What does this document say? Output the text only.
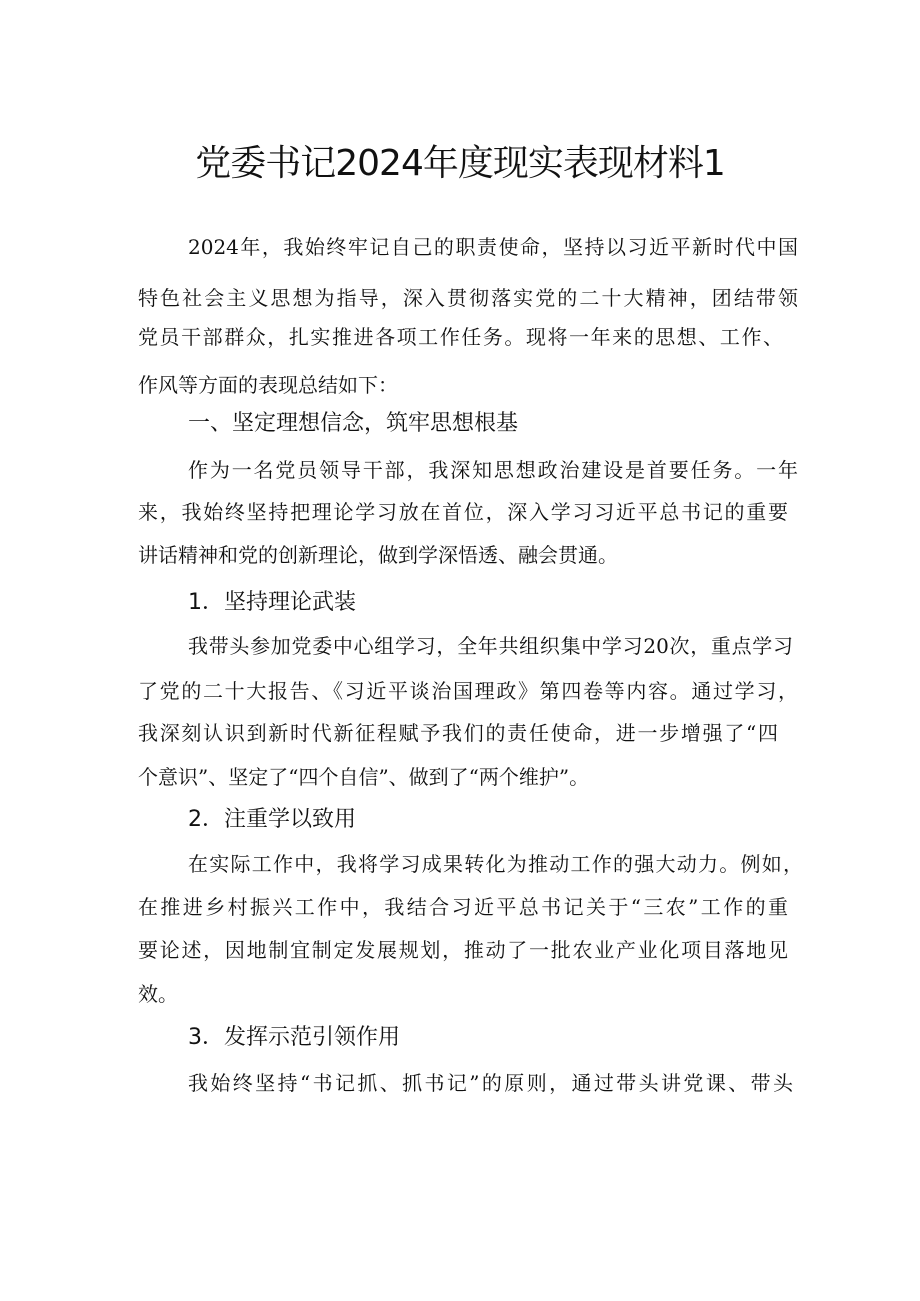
党委书记2024年度现实表现材料1
2024年，我始终牢记自己的职责使命，坚持以习近平新时代中国
特色社会主义思想为指导，深入贯彻落实党的二十大精神，团结带领
党员干部群众，扎实推进各项工作任务。现将一年来的思想、工作、
作风等方面的表现总结如下：
一、坚定理想信念，筑牢思想根基
作为一名党员领导干部，我深知思想政治建设是首要任务。一年
来，我始终坚持把理论学习放在首位，深入学习习近平总书记的重要
讲话精神和党的创新理论，做到学深悟透、融会贯通。
1．坚持理论武装
我带头参加党委中心组学习，全年共组织集中学习20次，重点学习
了党的二十大报告、《习近平谈治国理政》第四卷等内容。通过学习，
我深刻认识到新时代新征程赋予我们的责任使命，进一步增强了“四
个意识”、坚定了“四个自信”、做到了“两个维护”。
2．注重学以致用
在实际工作中，我将学习成果转化为推动工作的强大动力。例如，
在推进乡村振兴工作中，我结合习近平总书记关于“三农”工作的重
要论述，因地制宜制定发展规划，推动了一批农业产业化项目落地见
效。
3．发挥示范引领作用
我始终坚持“书记抓、抓书记”的原则，通过带头讲党课、带头
